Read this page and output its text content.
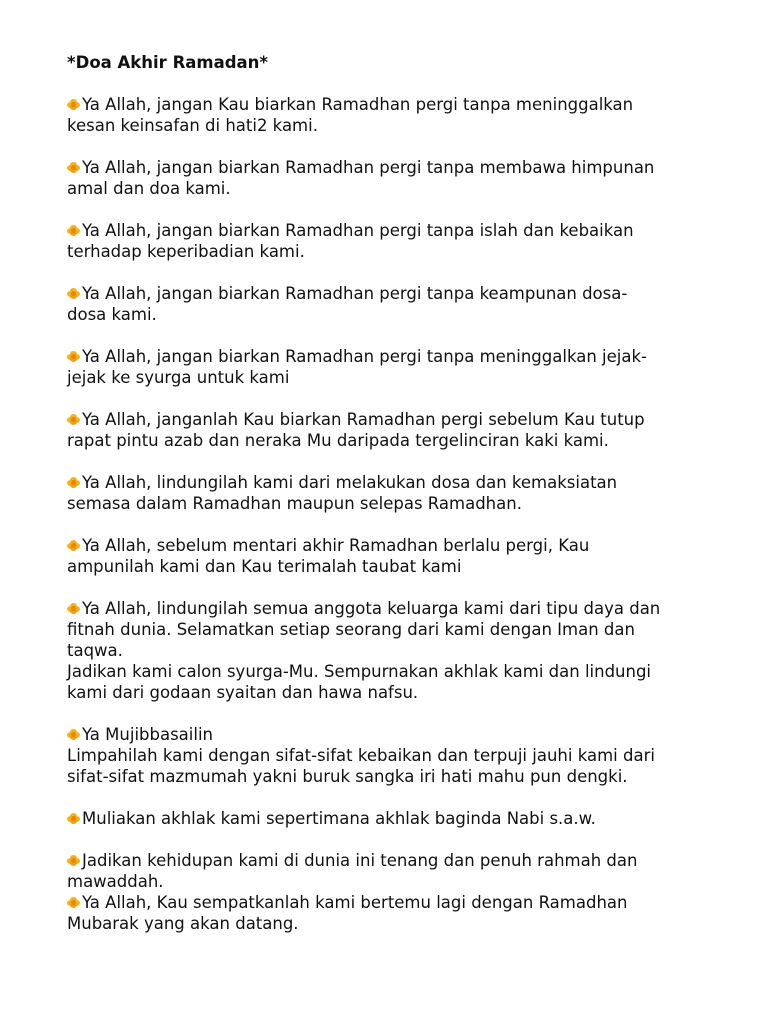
*Doa Akhir Ramadan*
Ya Allah, jangan Kau biarkan Ramadhan pergi tanpa meninggalkan
kesan keinsafan di hati2 kami.
Ya Allah, jangan biarkan Ramadhan pergi tanpa membawa himpunan
amal dan doa kami.
Ya Allah, jangan biarkan Ramadhan pergi tanpa islah dan kebaikan
terhadap keperibadian kami.
Ya Allah, jangan biarkan Ramadhan pergi tanpa keampunan dosa-
dosa kami.
Ya Allah, jangan biarkan Ramadhan pergi tanpa meninggalkan jejak-
jejak ke syurga untuk kami
Ya Allah, janganlah Kau biarkan Ramadhan pergi sebelum Kau tutup
rapat pintu azab dan neraka Mu daripada tergelinciran kaki kami.
Ya Allah, lindungilah kami dari melakukan dosa dan kemaksiatan
semasa dalam Ramadhan maupun selepas Ramadhan.
Ya Allah, sebelum mentari akhir Ramadhan berlalu pergi, Kau
ampunilah kami dan Kau terimalah taubat kami
Ya Allah, lindungilah semua anggota keluarga kami dari tipu daya dan
fitnah dunia. Selamatkan setiap seorang dari kami dengan Iman dan
taqwa.
Jadikan kami calon syurga-Mu. Sempurnakan akhlak kami dan lindungi
kami dari godaan syaitan dan hawa nafsu.
Ya Mujibbasailin
Limpahilah kami dengan sifat-sifat kebaikan dan terpuji jauhi kami dari
sifat-sifat mazmumah yakni buruk sangka iri hati mahu pun dengki.
Muliakan akhlak kami sepertimana akhlak baginda Nabi s.a.w.
Jadikan kehidupan kami di dunia ini tenang dan penuh rahmah dan
mawaddah.
Ya Allah, Kau sempatkanlah kami bertemu lagi dengan Ramadhan
Mubarak yang akan datang.
